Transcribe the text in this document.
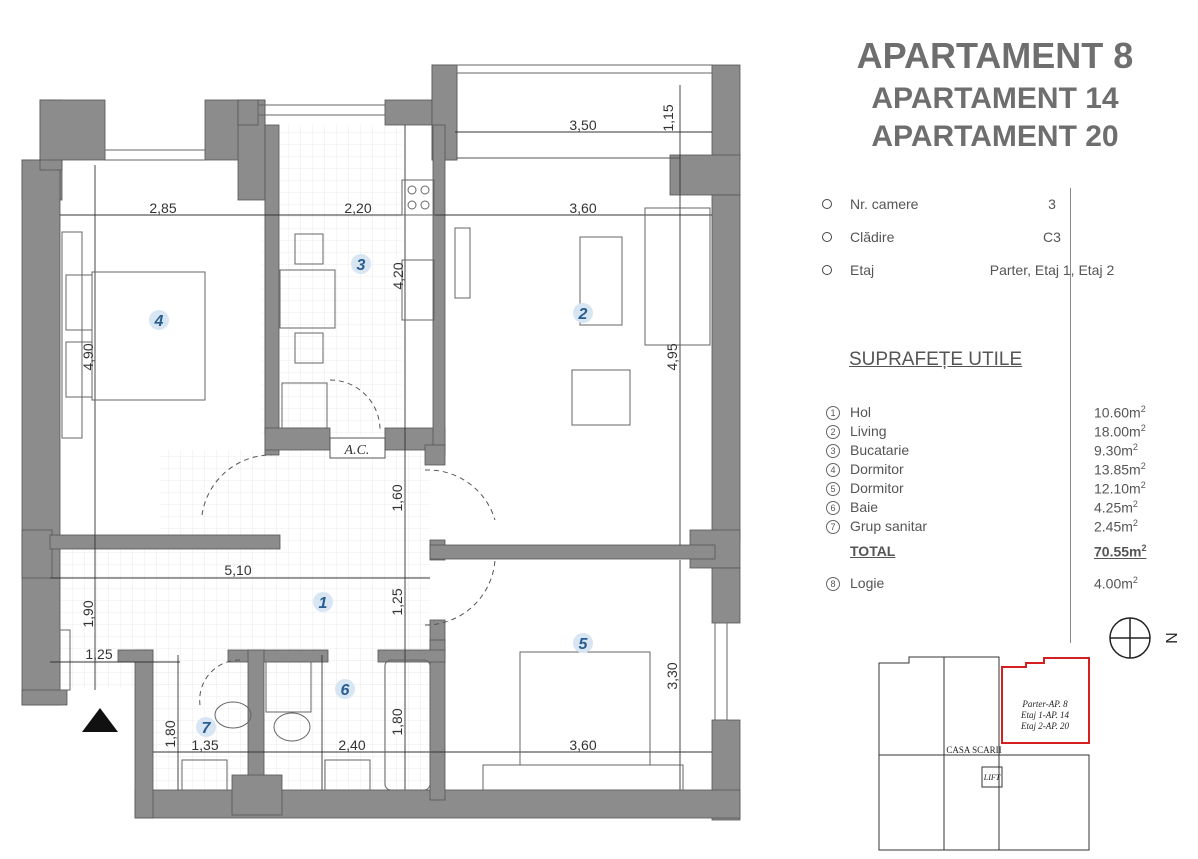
A.C.
1
2
3
4
5
6
7
3,50	1,15
2,85	2,20	3,60
4,20
4,90	4,95
1,60
5,10
1,25
1,90
1,25
3,30
1,80 1,35	2,40
1,80
3,60
APARTAMENT 8
APARTAMENT 14
APARTAMENT 20
Nr. camere	3
Clădire	C3
Etaj	Parter, Etaj 1, Etaj 2
SUPRAFEȚE UTILE
1	Hol	$10.60m^2$
2	Living	$18.00m^2$
3	Bucatarie	$9.30m^2$
4	Dormitor	$13.85m^2$
5	Dormitor	$12.10m^2$
6	Baie	$4.25m^2$
7	Grup sanitar	$2.45m^2$
TOTAL	$70.55m^2$
8	Logie	$4.00m^2$
N
Parter-AP. 8
Etaj 1-AP. 14
Etaj 2-AP. 20
CASA SCARII
LIFT
